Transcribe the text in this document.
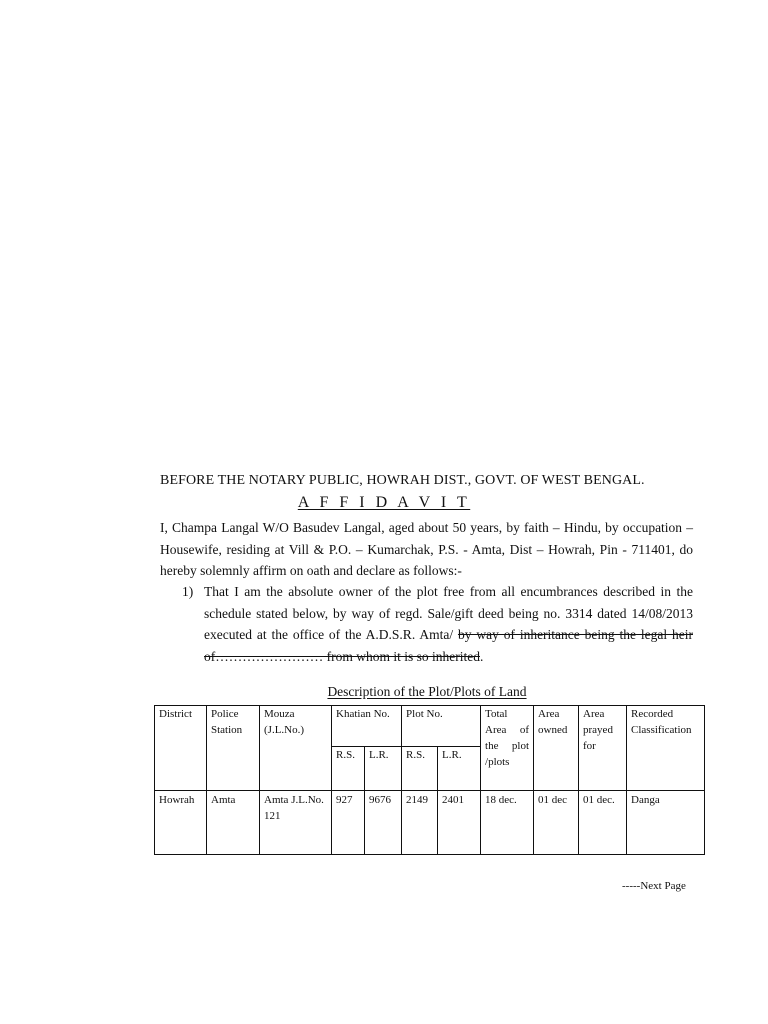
BEFORE THE NOTARY PUBLIC, HOWRAH DIST., GOVT. OF WEST BENGAL.
A F F I D A V I T
I, Champa Langal W/O Basudev Langal, aged about 50 years, by faith – Hindu, by occupation – Housewife, residing at Vill & P.O. – Kumarchak, P.S. - Amta, Dist – Howrah, Pin - 711401, do hereby solemnly affirm on oath and declare as follows:-
1) That I am the absolute owner of the plot free from all encumbrances described in the schedule stated below, by way of regd. Sale/gift deed being no. 3314 dated 14/08/2013 executed at the office of the A.D.S.R. Amta/ by way of inheritance being the legal heir of…………………… from whom it is so inherited.
Description of the Plot/Plots of Land
District	Police Station	Mouza (J.L.No.)	Khatian No.		Plot No.		Total Area of the plot /plots	Area owned	Area prayed for	Recorded Classification
			R.S.	L.R.	R.S.	L.R.				
Howrah	Amta	Amta J.L.No. 121	927	9676	2149	2401	18 dec.	01 dec	01 dec.	Danga
-----Next Page
